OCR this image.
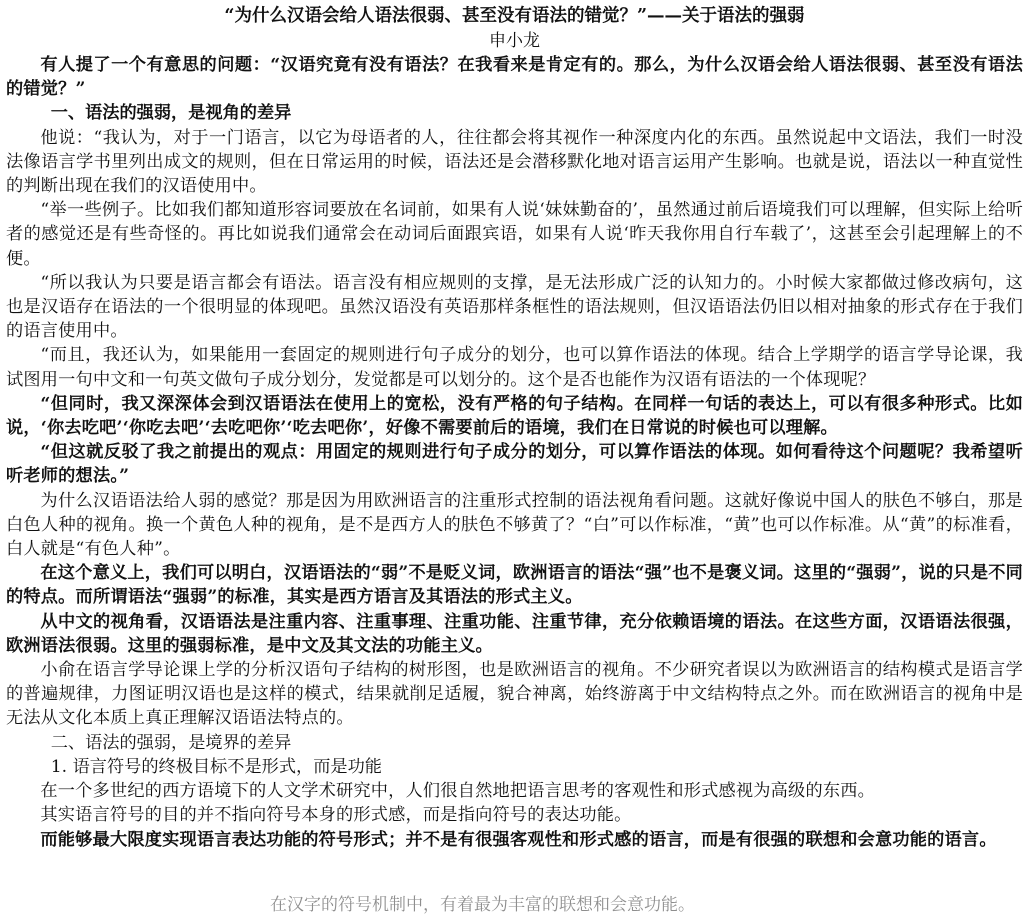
“为什么汉语会给人语法很弱、甚至没有语法的错觉？”——关于语法的强弱

申小龙

有人提了一个有意思的问题：“汉语究竟有没有语法？在我看来是肯定有的。那么，为什么汉语会给人语法很弱、甚至没有语法的错觉？”

一、语法的强弱，是视角的差异

他说：“我认为，对于一门语言，以它为母语者的人，往往都会将其视作一种深度内化的东西。虽然说起中文语法，我们一时没法像语言学书里列出成文的规则，但在日常运用的时候，语法还是会潜移默化地对语言运用产生影响。也就是说，语法以一种直觉性的判断出现在我们的汉语使用中。

“举一些例子。比如我们都知道形容词要放在名词前，如果有人说‘妹妹勤奋的’，虽然通过前后语境我们可以理解，但实际上给听者的感觉还是有些奇怪的。再比如说我们通常会在动词后面跟宾语，如果有人说‘昨天我你用自行车载了’，这甚至会引起理解上的不便。

“所以我认为只要是语言都会有语法。语言没有相应规则的支撑，是无法形成广泛的认知力的。小时候大家都做过修改病句，这也是汉语存在语法的一个很明显的体现吧。虽然汉语没有英语那样条框性的语法规则，但汉语语法仍旧以相对抽象的形式存在于我们的语言使用中。

“而且，我还认为，如果能用一套固定的规则进行句子成分的划分，也可以算作语法的体现。结合上学期学的语言学导论课，我试图用一句中文和一句英文做句子成分划分，发觉都是可以划分的。这个是否也能作为汉语有语法的一个体现呢？

“但同时，我又深深体会到汉语语法在使用上的宽松，没有严格的句子结构。在同样一句话的表达上，可以有很多种形式。比如说，‘你去吃吧’‘你吃去吧’‘去吃吧你’‘吃去吧你’，好像不需要前后的语境，我们在日常说的时候也可以理解。

“但这就反驳了我之前提出的观点：用固定的规则进行句子成分的划分，可以算作语法的体现。如何看待这个问题呢？我希望听听老师的想法。”

为什么汉语语法给人弱的感觉？那是因为用欧洲语言的注重形式控制的语法视角看问题。这就好像说中国人的肤色不够白，那是白色人种的视角。换一个黄色人种的视角，是不是西方人的肤色不够黄了？“白”可以作标准，“黄”也可以作标准。从“黄”的标准看，白人就是“有色人种”。

在这个意义上，我们可以明白，汉语语法的“弱”不是贬义词，欧洲语言的语法“强”也不是褒义词。这里的“强弱”，说的只是不同的特点。而所谓语法“强弱”的标准，其实是西方语言及其语法的形式主义。

从中文的视角看，汉语语法是注重内容、注重事理、注重功能、注重节律，充分依赖语境的语法。在这些方面，汉语语法很强，欧洲语法很弱。这里的强弱标准，是中文及其文法的功能主义。

小俞在语言学导论课上学的分析汉语句子结构的树形图，也是欧洲语言的视角。不少研究者误以为欧洲语言的结构模式是语言学的普遍规律，力图证明汉语也是这样的模式，结果就削足适履，貌合神离，始终游离于中文结构特点之外。而在欧洲语言的视角中是无法从文化本质上真正理解汉语语法特点的。

二、语法的强弱，是境界的差异

1. 语言符号的终极目标不是形式，而是功能

在一个多世纪的西方语境下的人文学术研究中，人们很自然地把语言思考的客观性和形式感视为高级的东西。

其实语言符号的目的并不指向符号本身的形式感，而是指向符号的表达功能。

而能够最大限度实现语言表达功能的符号形式；并不是有很强客观性和形式感的语言，而是有很强的联想和会意功能的语言。

在汉字的符号机制中，有着最为丰富的联想和会意功能。
